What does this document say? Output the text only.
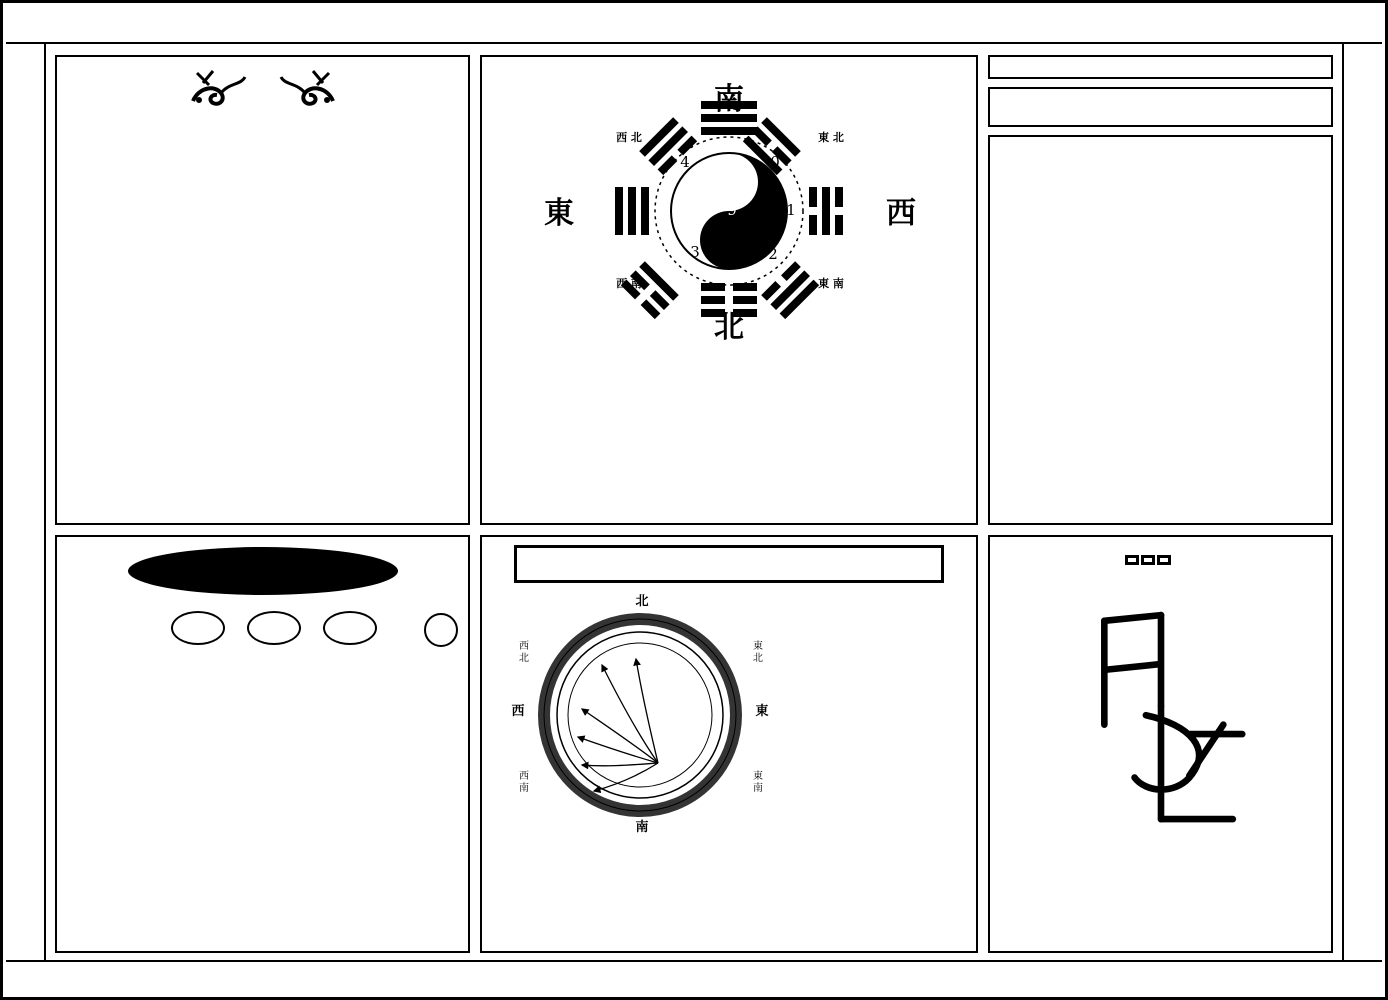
4	0
3	2
9	1
南
北
東	西
西 北	東 北
西 南	東 南

北
南
西	東
西
北
東
北
西
南
東
南
